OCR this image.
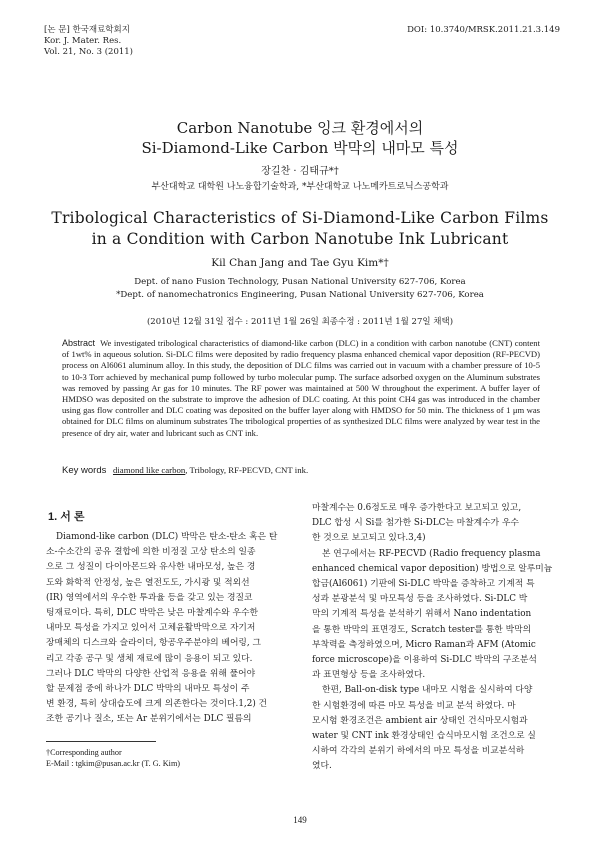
[논 문] 한국재료학회지
Kor. J. Mater. Res.
Vol. 21, No. 3 (2011)
DOI: 10.3740/MRSK.2011.21.3.149
Carbon Nanotube 잉크 환경에서의
Si-Diamond-Like Carbon 박막의 내마모 특성
장길찬 · 김태규*†
부산대학교 대학원 나노융합기술학과, *부산대학교 나노메카트로닉스공학과
Tribological Characteristics of Si-Diamond-Like Carbon Films
in a Condition with Carbon Nanotube Ink Lubricant
Kil Chan Jang and Tae Gyu Kim*†
Dept. of nano Fusion Technology, Pusan National University 627-706, Korea
*Dept. of nanomechatronics Engineering, Pusan National University 627-706, Korea
(2010년 12월 31일 접수 : 2011년 1월 26일 최종수정 : 2011년 1월 27일 채택)
Abstract We investigated tribological characteristics of diamond-like carbon (DLC) in a condition with carbon nanotube (CNT) content of 1wt% in aqueous solution. Si-DLC films were deposited by radio frequency plasma enhanced chemical vapor deposition (RF-PECVD) process on Al6061 aluminum alloy. In this study, the deposition of DLC films was carried out in vacuum with a chamber pressure of 10-5 to 10-3 Torr achieved by mechanical pump followed by turbo molecular pump. The surface adsorbed oxygen on the Aluminum substrates was removed by passing Ar gas for 10 minutes. The RF power was maintained at 500 W throughout the experiment. A buffer layer of HMDSO was deposited on the substrate to improve the adhesion of DLC coating. At this point CH4 gas was introduced in the chamber using gas flow controller and DLC coating was deposited on the buffer layer along with HMDSO for 50 min. The thickness of 1 μm was obtained for DLC films on aluminum substrates The tribological properties of as synthesized DLC films were analyzed by wear test in the presence of dry air, water and lubricant such as CNT ink.
Key words diamond like carbon, Tribology, RF-PECVD, CNT ink.
1. 서 론
Diamond-like carbon (DLC) 박막은 탄소-탄소 혹은 탄
소-수소간의 공유 결합에 의한 비정질 고상 탄소의 일종
으로 그 성질이 다이아몬드와 유사한 내마모성, 높은 경
도와 화학적 안정성, 높은 열전도도, 가시광 및 적외선
(IR) 영역에서의 우수한 투과율 등을 갖고 있는 경질코
팅재료이다. 특히, DLC 박막은 낮은 마찰계수와 우수한
내마모 특성을 가지고 있어서 고체윤활박막으로 자기저
장매체의 디스크와 슬라이더, 항공우주분야의 베어링, 그
리고 각종 공구 및 생체 재료에 많이 응용이 되고 있다.
그러나 DLC 박막의 다양한 산업적 응용을 위해 풀어야
할 문제점 중에 하나가 DLC 박막의 내마모 특성이 주
변 환경, 특히 상대습도에 크게 의존한다는 것이다.1,2) 건
조한 공기나 질소, 또는 Ar 분위기에서는 DLC 필름의
마찰계수는 0.6정도로 매우 증가한다고 보고되고 있고,
DLC 합성 시 Si를 첨가한 Si-DLC는 마찰계수가 우수
한 것으로 보고되고 있다.3,4)
본 연구에서는 RF-PECVD (Radio frequency plasma
enhanced chemical vapor deposition) 방법으로 알루미늄
합금(Al6061) 기판에 Si-DLC 박막을 증착하고 기계적 특
성과 분광분석 및 마모특성 등을 조사하였다. Si-DLC 박
막의 기계적 특성을 분석하기 위해서 Nano indentation
을 통한 박막의 표면경도, Scratch tester를 통한 박막의
부착력을 측정하였으며, Micro Raman과 AFM (Atomic
force microscope)을 이용하여 Si-DLC 박막의 구조분석
과 표면형상 등을 조사하였다.
한편, Ball-on-disk type 내마모 시험을 실시하여 다양
한 시험환경에 따른 마모 특성을 비교 분석 하였다. 마
모시험 환경조건은 ambient air 상태인 건식마모시험과
water 및 CNT ink 환경상태인 습식마모시험 조건으로 실
시하여 각각의 분위기 하에서의 마모 특성을 비교분석하
였다.
†Corresponding author
E-Mail : tgkim@pusan.ac.kr (T. G. Kim)
149
